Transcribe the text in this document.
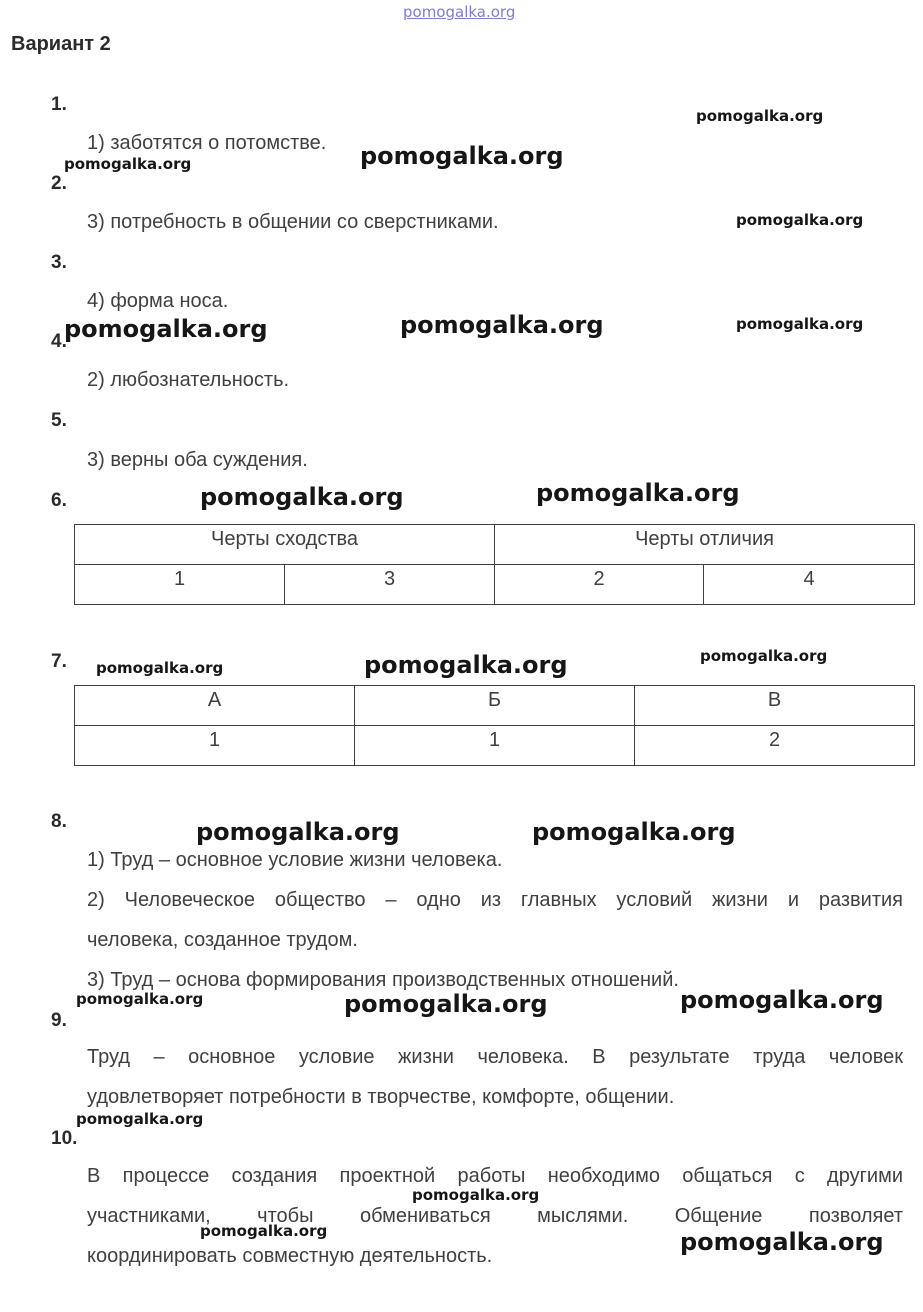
pomogalka.org
Вариант 2
1.
1) заботятся о потомстве.
2.
3) потребность в общении со сверстниками.
3.
4) форма носа.
4.
2) любознательность.
5.
3) верны оба суждения.
6.
Черты сходства		Черты отличия	
1	3	2	4
7.
А	Б	В
1	1	2
8.
1) Труд – основное условие жизни человека.
2) Человеческое общество – одно из главных условий жизни и развития
человека, созданное трудом.
3) Труд – основа формирования производственных отношений.
9.
Труд – основное условие жизни человека. В результате труда человек
удовлетворяет потребности в творчестве, комфорте, общении.
10.
В процессе создания проектной работы необходимо общаться с другими
участниками, чтобы обмениваться мыслями. Общение позволяет
координировать совместную деятельность.
pomogalka.org
pomogalka.org
pomogalka.org
pomogalka.org
pomogalka.org	pomogalka.org	pomogalka.org
pomogalka.org	pomogalka.org
pomogalka.org	pomogalka.org	pomogalka.org
pomogalka.org	pomogalka.org
pomogalka.org	pomogalka.org	pomogalka.org
pomogalka.org
pomogalka.org
pomogalka.org	pomogalka.org
